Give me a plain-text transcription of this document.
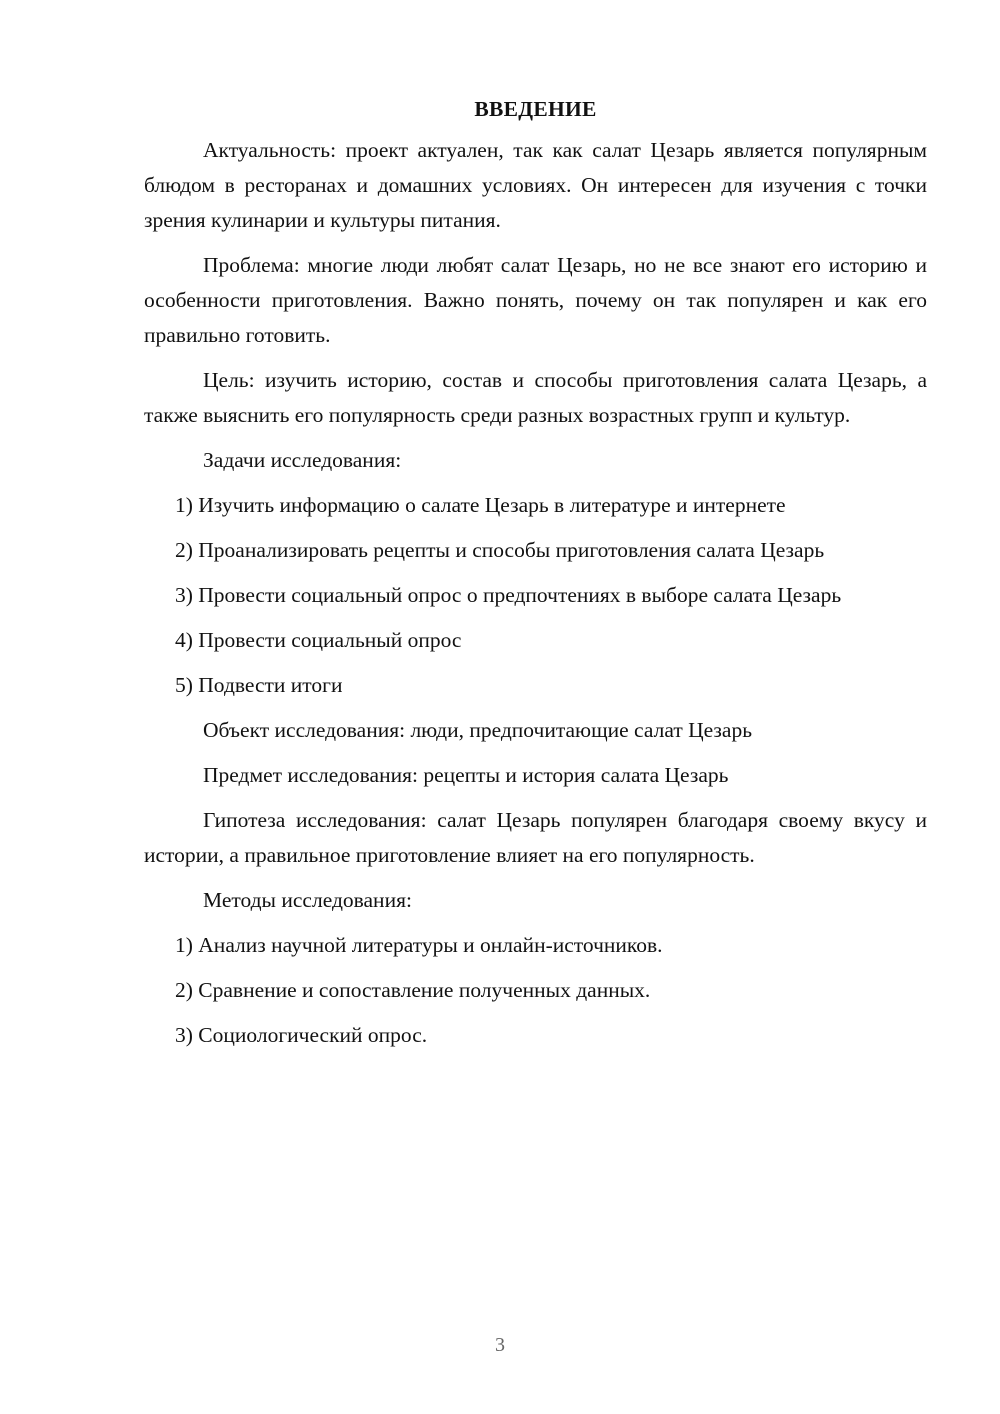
ВВЕДЕНИЕ

Актуальность: проект актуален, так как салат Цезарь является популярным блюдом в ресторанах и домашних условиях. Он интересен для изучения с точки зрения кулинарии и культуры питания.

Проблема: многие люди любят салат Цезарь, но не все знают его историю и особенности приготовления. Важно понять, почему он так популярен и как его правильно готовить.

Цель: изучить историю, состав и способы приготовления салата Цезарь, а также выяснить его популярность среди разных возрастных групп и культур.

Задачи исследования:

1) Изучить информацию о салате Цезарь в литературе и интернете

2) Проанализировать рецепты и способы приготовления салата Цезарь

3) Провести социальный опрос о предпочтениях в выборе салата Цезарь

4) Провести социальный опрос

5) Подвести итоги

Объект исследования: люди, предпочитающие салат Цезарь

Предмет исследования: рецепты и история салата Цезарь

Гипотеза исследования: салат Цезарь популярен благодаря своему вкусу и истории, а правильное приготовление влияет на его популярность.

Методы исследования:

1) Анализ научной литературы и онлайн-источников.

2) Сравнение и сопоставление полученных данных.

3) Социологический опрос.

3
